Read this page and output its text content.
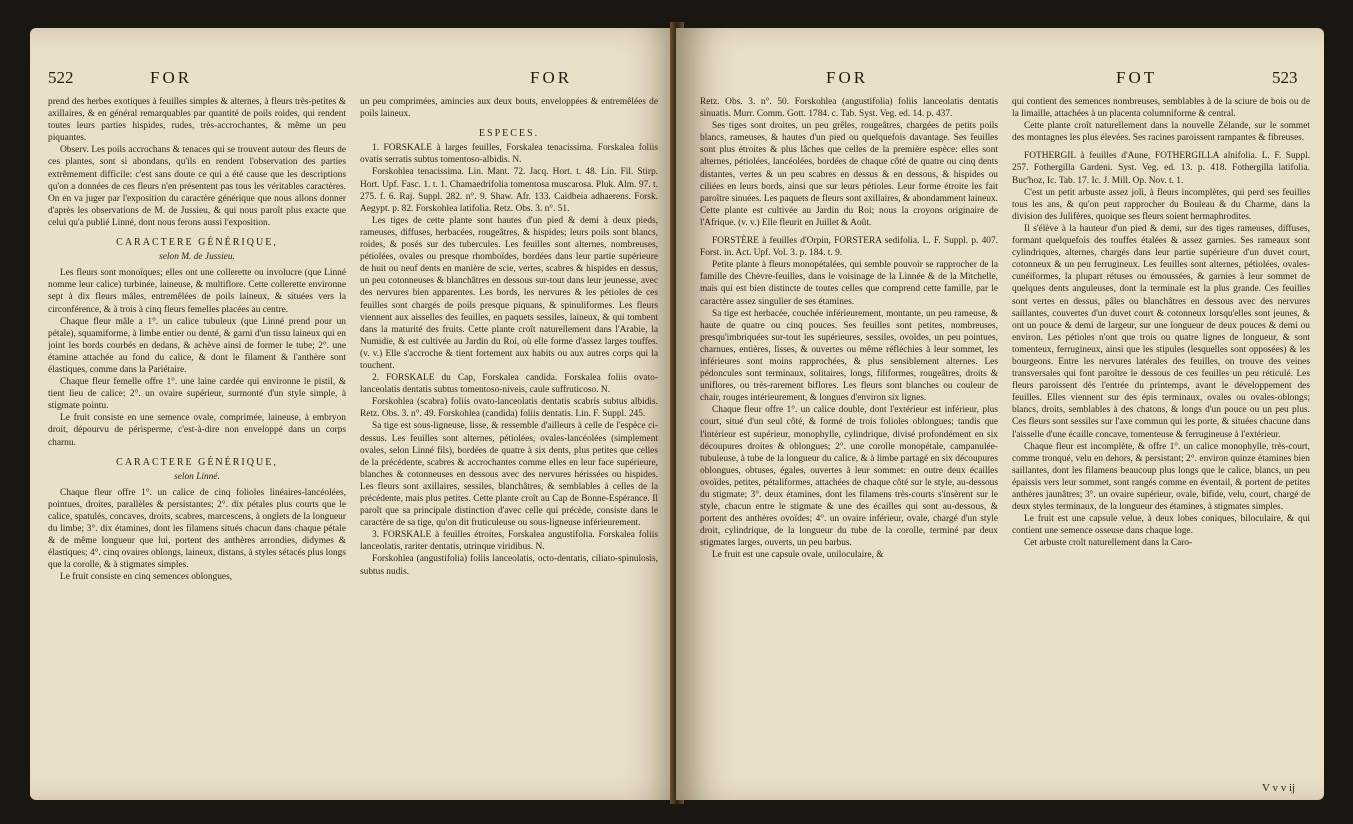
522	FOR	FOR

prend des herbes exotiques à feuilles simples & alternes, à fleurs très-petites & axillaires, & en général remarquables par quantité de poils roides, qui rendent toutes leurs parties hispides, rudes, très-accrochantes, & même un peu piquantes.

Observ. Les poils accrochans & tenaces qui se trouvent autour des fleurs de ces plantes, sont si abondans, qu'ils en rendent l'observation des parties extrêmement difficile: c'est sans doute ce qui a été cause que les descriptions qu'on a données de ces fleurs n'en présentent pas tous les véritables caractères. On en va juger par l'exposition du caractère générique que nous allons donner d'après les observations de M. de Jussieu, & qui nous paroît plus exacte que celui qu'a publié Linné, dont nous ferons aussi l'exposition.

CARACTERE GÉNÉRIQUE,
selon M. de Jussieu.

Les fleurs sont monoïques; elles ont une collerette ou involucre (que Linné nomme leur calice) turbinée, laineuse, & multiflore. Cette collerette environne sept à dix fleurs mâles, entremêlées de poils laineux, & situées vers la circonférence, & à trois à cinq fleurs femelles placées au centre.

Chaque fleur mâle a 1°. un calice tubuleux (que Linné prend pour un pétale), squamiforme, à limbe entier ou denté, & garni d'un tissu laineux qui en joint les bords courbés en dedans, & achève ainsi de former le tube; 2°. une étamine attachée au fond du calice, & dont le filament & l'anthère sont élastiques, comme dans la Pariétaire.

Chaque fleur femelle offre 1°. une laine cardée qui environne le pistil, & tient lieu de calice; 2°. un ovaire supérieur, surmonté d'un style simple, à stigmate pointu.

Le fruit consiste en une semence ovale, comprimée, laineuse, à embryon droit, dépourvu de périsperme, c'est-à-dire non enveloppé dans un corps charnu.

CARACTERE GÉNÉRIQUE,
selon Linné.

Chaque fleur offre 1°. un calice de cinq folioles linéaires-lancéolées, pointues, droites, parallèles & persistantes; 2°. dix pétales plus courts que le calice, spatulés, concaves, droits, scabres, marcescens, à onglets de la longueur du limbe; 3°. dix étamines, dont les filamens situés chacun dans chaque pétale & de même longueur que lui, portent des anthères arrondies, didymes & élastiques; 4°. cinq ovaires oblongs, laineux, distans, à styles sétacés plus longs que la corolle, & à stigmates simples.

Le fruit consiste en cinq semences oblongues,

un peu comprimées, amincies aux deux bouts, enveloppées & entremêlées de poils laineux.

ESPECES.

1. FORSKALE à larges feuilles, Forskalea tenacissima. Forskalea foliis ovatis serratis subtus tomentoso-albidis. N.

Forskohlea tenacissima. Lin. Mant. 72. Jacq. Hort. t. 48. Lin. Fil. Stirp. Hort. Upf. Fasc. 1. t. 1. Chamaedrifolia tomentosa muscarosa. Pluk. Alm. 97. t. 275. f. 6. Raj. Suppl. 282. n°. 9. Shaw. Afr. 133. Caidbeia adhaerens. Forsk. Aegypt. p. 82. Forskohlea latifolia. Retz. Obs. 3. n°. 51.

Les tiges de cette plante sont hautes d'un pied & demi à deux pieds, rameuses, diffuses, herbacées, rougeâtres, & hispides; leurs poils sont blancs, roides, & posés sur des tubercules. Les feuilles sont alternes, nombreuses, pétiolées, ovales ou presque rhomboïdes, bordées dans leur partie supérieure de huit ou neuf dents en manière de scie, vertes, scabres & hispides en dessus, un peu cotonneuses & blanchâtres en dessous sur-tout dans leur jeunesse, avec des nervures bien apparentes. Les bords, les nervures & les pétioles de ces feuilles sont chargés de poils presque piquans, & spinuliformes. Les fleurs viennent aux aisselles des feuilles, en paquets sessiles, laineux, & qui tombent dans la maturité des fruits. Cette plante croît naturellement dans l'Arabie, la Numidie, & est cultivée au Jardin du Roi, où elle forme d'assez larges touffes. (v. v.) Elle s'accroche & tient fortement aux habits ou aux autres corps qui la touchent.

2. FORSKALE du Cap, Forskalea candida. Forskalea foliis ovato-lanceolatis dentatis subtus tomentoso-niveis, caule suffruticoso. N.

Forskohlea (scabra) foliis ovato-lanceolatis dentatis scabris subtus albidis. Retz. Obs. 3. n°. 49. Forskohlea (candida) foliis dentatis. Lin. F. Suppl. 245.

Sa tige est sous-ligneuse, lisse, & ressemble d'ailleurs à celle de l'espèce ci-dessus. Les feuilles sont alternes, pétiolées, ovales-lancéolées (simplement ovales, selon Linné fils), bordées de quatre à six dents, plus petites que celles de la précédente, scabres & accrochantes comme elles en leur face supérieure, blanches & cotonneuses en dessous avec des nervures hérissées ou hispides. Les fleurs sont axillaires, sessiles, blanchâtres, & semblables à celles de la précédente, mais plus petites. Cette plante croît au Cap de Bonne-Espérance. Il paroît que sa principale distinction d'avec celle qui précède, consiste dans le caractère de sa tige, qu'on dit fruticuleuse ou sous-ligneuse inférieurement.

3. FORSKALE à feuilles étroites, Forskalea angustifolia. Forskalea foliis lanceolatis, rariter dentatis, utrinque viridibus. N.

Forskohlea (angustifolia) foliis lanceolatis, octo-dentatis, ciliato-spinulosis, subtus nudis.

FOR	FOT	523

Retz. Obs. 3. n°. 50. Forskohlea (angustifolia) foliis lanceolatis dentatis sinuatis. Murr. Comm. Gott. 1784. c. Tab. Syst. Veg. ed. 14. p. 437.

Ses tiges sont droites, un peu grêles, rougeâtres, chargées de petits poils blancs, rameuses, & hautes d'un pied ou quelquefois davantage. Ses feuilles sont plus étroites & plus lâches que celles de la première espèce: elles sont alternes, pétiolées, lancéolées, bordées de chaque côté de quatre ou cinq dents distantes, vertes & un peu scabres en dessus & en dessous, & hispides ou ciliées en leurs bords, ainsi que sur leurs pétioles. Leur forme étroite les fait paroître sinuées. Les paquets de fleurs sont axillaires, & abondamment laineux. Cette plante est cultivée au Jardin du Roi; nous la croyons originaire de l'Afrique. (v. v.) Elle fleurit en Juillet & Août.

FORSTÈRE à feuilles d'Orpin, FORSTERA sedifolia. L. F. Suppl. p. 407. Forst. in. Act. Upf. Vol. 3. p. 184. t. 9.

Petite plante à fleurs monopétalées, qui semble pouvoir se rapprocher de la famille des Chèvre-feuilles, dans le voisinage de la Linnée & de la Mitchelle, mais qui est bien distincte de toutes celles que comprend cette famille, par le caractère assez singulier de ses étamines.

Sa tige est herbacée, couchée inférieurement, montante, un peu rameuse, & haute de quatre ou cinq pouces. Ses feuilles sont petites, nombreuses, presqu'imbriquées sur-tout les supérieures, sessiles, ovoïdes, un peu pointues, charnues, entières, lisses, & ouvertes ou même réfléchies à leur sommet, les inférieures sont moins rapprochées, & plus sensiblement alternes. Les pédoncules sont terminaux, solitaires, longs, filiformes, rougeâtres, droits & uniflores, ou très-rarement biflores. Les fleurs sont blanches ou couleur de chair, rouges intérieurement, & longues d'environ six lignes.

Chaque fleur offre 1°. un calice double, dont l'extérieur est inférieur, plus court, situé d'un seul côté, & formé de trois folioles oblongues; tandis que l'intérieur est supérieur, monophylle, cylindrique, divisé profondément en six découpures droites & oblongues; 2°. une corolle monopétale, campanulée-tubuleuse, à tube de la longueur du calice, & à limbe partagé en six découpures oblongues, obtuses, égales, ouvertes à leur sommet: en outre deux écailles ovoïdes, petites, pétaliformes, attachées de chaque côté sur le style, au-dessous du stigmate; 3°. deux étamines, dont les filamens très-courts s'insèrent sur le style, chacun entre le stigmate & une des écailles qui sont au-dessous, & portent des anthères ovoïdes; 4°. un ovaire inférieur, ovale, chargé d'un style droit, cylindrique, de la longueur du tube de la corolle, terminé par deux stigmates larges, ouverts, un peu barbus.

Le fruit est une capsule ovale, uniloculaire, &

qui contient des semences nombreuses, semblables à de la sciure de bois ou de la limaille, attachées à un placenta columniforme & central.

Cette plante croît naturellement dans la nouvelle Zélande, sur le sommet des montagnes les plus élevées. Ses racines paroissent rampantes & fibreuses.

FOTHERGIL à feuilles d'Aune, FOTHERGILLA alnifolia. L. F. Suppl. 257. Fothergilla Gardeni. Syst. Veg. ed. 13. p. 418. Fothergilla latifolia. Buc'hoz, Ic. Tab. 17. Ic. J. Mill. Op. Nov. t. 1.

C'est un petit arbuste assez joli, à fleurs incomplètes, qui perd ses feuilles tous les ans, & qu'on peut rapprocher du Bouleau & du Charme, dans la division des Julifères, quoique ses fleurs soient hermaphrodites.

Il s'élève à la hauteur d'un pied & demi, sur des tiges rameuses, diffuses, formant quelquefois des touffes étalées & assez garnies. Ses rameaux sont cylindriques, alternes, chargés dans leur partie supérieure d'un duvet court, cotonneux & un peu ferrugineux. Les feuilles sont alternes, pétiolées, ovales-cunéiformes, la plupart rétuses ou émoussées, & garnies à leur sommet de quelques dents anguleuses, dont la terminale est la plus grande. Ces feuilles sont vertes en dessus, pâles ou blanchâtres en dessous avec des nervures saillantes, couvertes d'un duvet court & cotonneux lorsqu'elles sont jeunes, & ont un pouce & demi de largeur, sur une longueur de deux pouces & demi ou environ. Les pétioles n'ont que trois ou quatre lignes de longueur, & sont tomenteux, ferrugineux, ainsi que les stipules (lesquelles sont opposées) & les bourgeons. Entre les nervures latérales des feuilles, on trouve des veines transversales qui font paroître le dessous de ces feuilles un peu réticulé. Les fleurs paroissent dès l'entrée du printemps, avant le développement des feuilles. Elles viennent sur des épis terminaux, ovales ou ovales-oblongs; blancs, droits, semblables à des chatons, & longs d'un pouce ou un peu plus. Ces fleurs sont sessiles sur l'axe commun qui les porte, & situées chacune dans l'aisselle d'une écaille concave, tomenteuse & ferrugineuse à l'extérieur.

Chaque fleur est incomplète, & offre 1°. un calice monophylle, très-court, comme tronqué, velu en dehors, & persistant; 2°. environ quinze étamines bien saillantes, dont les filamens beaucoup plus longs que le calice, blancs, un peu épaissis vers leur sommet, sont rangés comme en éventail, & portent de petites anthères jaunâtres; 3°. un ovaire supérieur, ovale, bifide, velu, court, chargé de deux styles terminaux, de la longueur des étamines, à stigmates simples.

Le fruit est une capsule velue, à deux lobes coniques, biloculaire, & qui contient une semence osseuse dans chaque loge.

Cet arbuste croît naturellement dans la Caro-

V v v ij
